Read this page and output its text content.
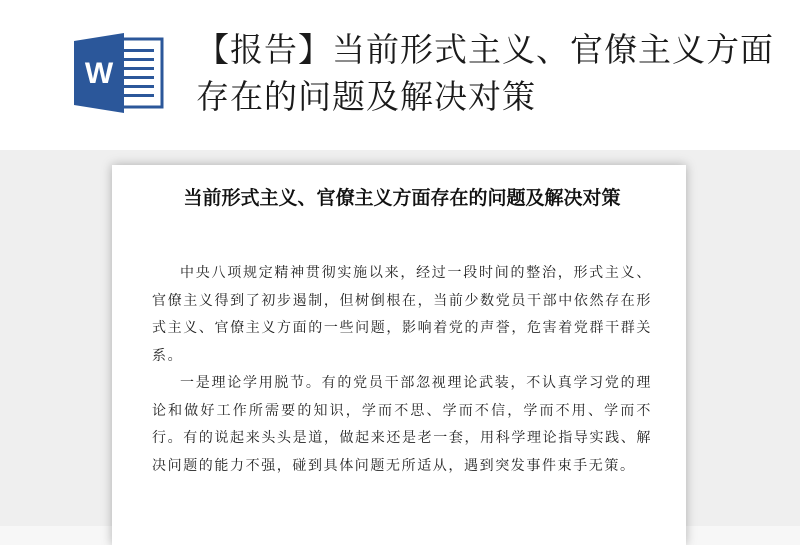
W
【报告】当前形式主义、官僚主义方面存在的问题及解决对策
当前形式主义、官僚主义方面存在的问题及解决对策

中央八项规定精神贯彻实施以来，经过一段时间的整治，形式主义、官僚主义得到了初步遏制，但树倒根在，当前少数党员干部中依然存在形式主义、官僚主义方面的一些问题，影响着党的声誉，危害着党群干群关系。

一是理论学用脱节。有的党员干部忽视理论武装，不认真学习党的理论和做好工作所需要的知识，学而不思、学而不信，学而不用、学而不行。有的说起来头头是道，做起来还是老一套，用科学理论指导实践、解决问题的能力不强，碰到具体问题无所适从，遇到突发事件束手无策。
